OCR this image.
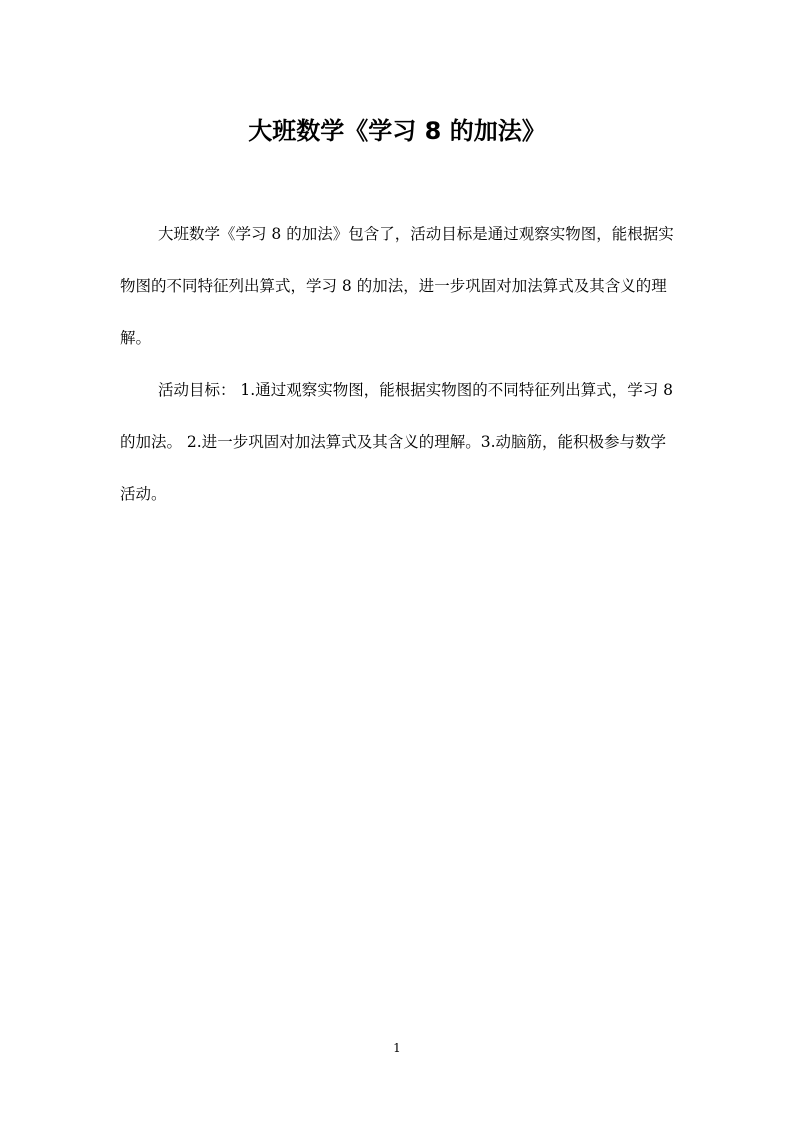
大班数学《学习 8 的加法》

大班数学《学习 8 的加法》包含了，活动目标是通过观察实物图，能根据实物图的不同特征列出算式，学习 8 的加法，进一步巩固对加法算式及其含义的理解。

活动目标： 1.通过观察实物图，能根据实物图的不同特征列出算式，学习 8 的加法。 2.进一步巩固对加法算式及其含义的理解。3.动脑筋，能积极参与数学活动。

1
